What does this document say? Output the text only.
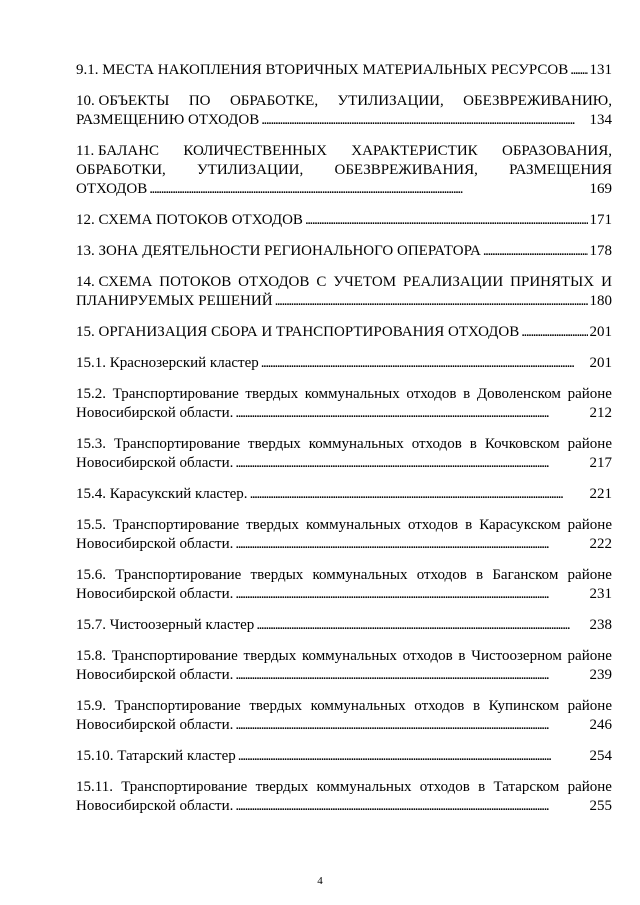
9.1. МЕСТА НАКОПЛЕНИЯ ВТОРИЧНЫХ МАТЕРИАЛЬНЫХ РЕСУРСОВ . . . 131
10. ОБЪЕКТЫ ПО ОБРАБОТКЕ, УТИЛИЗАЦИИ, ОБЕЗВРЕЖИВАНИЮ,
РАЗМЕЩЕНИЮ ОТХОДОВ . . .	134
11. БАЛАНС КОЛИЧЕСТВЕННЫХ ХАРАКТЕРИСТИК ОБРАЗОВАНИЯ,
ОБРАБОТКИ, УТИЛИЗАЦИИ, ОБЕЗВРЕЖИВАНИЯ, РАЗМЕЩЕНИЯ
ОТХОДОВ . . .	169
12. СХЕМА ПОТОКОВ ОТХОДОВ . . .	171
13. ЗОНА ДЕЯТЕЛЬНОСТИ РЕГИОНАЛЬНОГО ОПЕРАТОРА . . .	178
14. СХЕМА ПОТОКОВ ОТХОДОВ С УЧЕТОМ РЕАЛИЗАЦИИ ПРИНЯТЫХ И
ПЛАНИРУЕМЫХ РЕШЕНИЙ . . .	180
15. ОРГАНИЗАЦИЯ СБОРА И ТРАНСПОРТИРОВАНИЯ ОТХОДОВ . . .	201
15.1. Краснозерский кластер . . .	201
15.2. Транспортирование твердых коммунальных отходов в Доволенском районе
Новосибирской области. . . .	212
15.3. Транспортирование твердых коммунальных отходов в Кочковском районе
Новосибирской области. . . .	217
15.4. Карасукский кластер. . . .	221
15.5. Транспортирование твердых коммунальных отходов в Карасукском районе
Новосибирской области. . . .	222
15.6. Транспортирование твердых коммунальных отходов в Баганском районе
Новосибирской области. . . .	231
15.7. Чистоозерный кластер . . .	238
15.8. Транспортирование твердых коммунальных отходов в Чистоозерном районе
Новосибирской области. . . .	239
15.9. Транспортирование твердых коммунальных отходов в Купинском районе
Новосибирской области. . . .	246
15.10. Татарский кластер . . .	254
15.11. Транспортирование твердых коммунальных отходов в Татарском районе
Новосибирской области. . . .	255
4
